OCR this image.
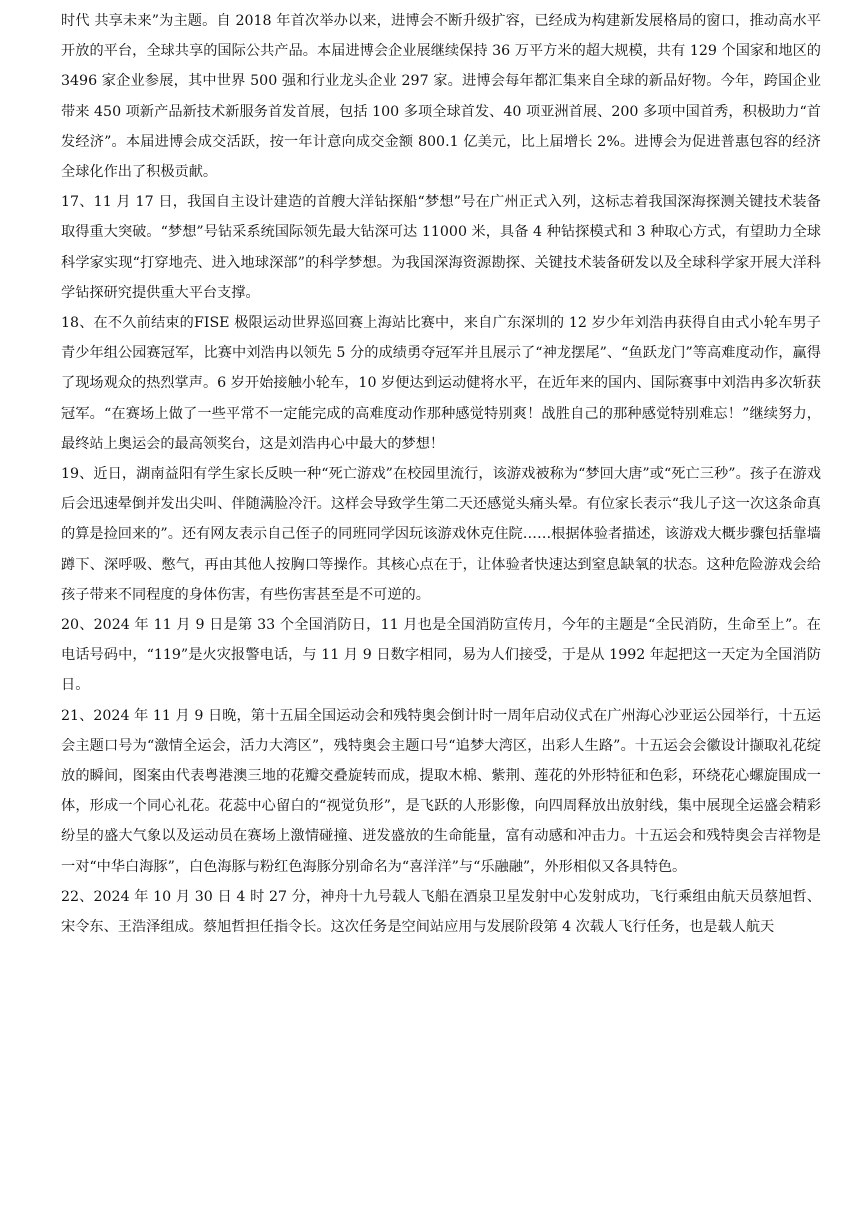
时代 共享未来”为主题。自 2018 年首次举办以来，进博会不断升级扩容，已经成为构建新发展格局的窗口，推动高水平开放的平台，全球共享的国际公共产品。本届进博会企业展继续保持 36 万平方米的超大规模，共有 129 个国家和地区的 3496 家企业参展，其中世界 500 强和行业龙头企业 297 家。进博会每年都汇集来自全球的新品好物。今年，跨国企业带来 450 项新产品新技术新服务首发首展，包括 100 多项全球首发、40 项亚洲首展、200 多项中国首秀，积极助力“首发经济”。本届进博会成交活跃，按一年计意向成交金额 800.1 亿美元，比上届增长 2%。进博会为促进普惠包容的经济全球化作出了积极贡献。

17、11 月 17 日，我国自主设计建造的首艘大洋钻探船“梦想”号在广州正式入列，这标志着我国深海探测关键技术装备取得重大突破。“梦想”号钻采系统国际领先最大钻深可达 11000 米，具备 4 种钻探模式和 3 种取心方式，有望助力全球科学家实现“打穿地壳、进入地球深部”的科学梦想。为我国深海资源勘探、关键技术装备研发以及全球科学家开展大洋科学钻探研究提供重大平台支撑。

18、在不久前结束的FISE 极限运动世界巡回赛上海站比赛中，来自广东深圳的 12 岁少年刘浩冉获得自由式小轮车男子青少年组公园赛冠军，比赛中刘浩冉以领先 5 分的成绩勇夺冠军并且展示了“神龙摆尾”、“鱼跃龙门”等高难度动作，赢得了现场观众的热烈掌声。6 岁开始接触小轮车，10 岁便达到运动健将水平，在近年来的国内、国际赛事中刘浩冉多次斩获冠军。“在赛场上做了一些平常不一定能完成的高难度动作那种感觉特别爽！战胜自己的那种感觉特别难忘！”继续努力，最终站上奥运会的最高领奖台，这是刘浩冉心中最大的梦想！

19、近日，湖南益阳有学生家长反映一种“死亡游戏”在校园里流行，该游戏被称为“梦回大唐”或“死亡三秒”。孩子在游戏后会迅速晕倒并发出尖叫、伴随满脸冷汗。这样会导致学生第二天还感觉头痛头晕。有位家长表示“我儿子这一次这条命真的算是捡回来的”。还有网友表示自己侄子的同班同学因玩该游戏休克住院……根据体验者描述，该游戏大概步骤包括靠墙蹲下、深呼吸、憋气，再由其他人按胸口等操作。其核心点在于，让体验者快速达到窒息缺氧的状态。这种危险游戏会给孩子带来不同程度的身体伤害，有些伤害甚至是不可逆的。

20、2024 年 11 月 9 日是第 33 个全国消防日，11 月也是全国消防宣传月，今年的主题是“全民消防，生命至上”。在电话号码中，“119”是火灾报警电话，与 11 月 9 日数字相同，易为人们接受，于是从 1992 年起把这一天定为全国消防日。

21、2024 年 11 月 9 日晚，第十五届全国运动会和残特奥会倒计时一周年启动仪式在广州海心沙亚运公园举行，十五运会主题口号为“激情全运会，活力大湾区”，残特奥会主题口号“追梦大湾区，出彩人生路”。十五运会会徽设计撷取礼花绽放的瞬间，图案由代表粤港澳三地的花瓣交叠旋转而成，提取木棉、紫荆、莲花的外形特征和色彩，环绕花心螺旋围成一体，形成一个同心礼花。花蕊中心留白的“视觉负形”，是飞跃的人形影像，向四周释放出放射线，集中展现全运盛会精彩纷呈的盛大气象以及运动员在赛场上激情碰撞、迸发盛放的生命能量，富有动感和冲击力。十五运会和残特奥会吉祥物是一对“中华白海豚”，白色海豚与粉红色海豚分别命名为“喜洋洋”与“乐融融”，外形相似又各具特色。

22、2024 年 10 月 30 日 4 时 27 分，神舟十九号载人飞船在酒泉卫星发射中心发射成功，飞行乘组由航天员蔡旭哲、宋令东、王浩泽组成。蔡旭哲担任指令长。这次任务是空间站应用与发展阶段第 4 次载人飞行任务，也是载人航天
